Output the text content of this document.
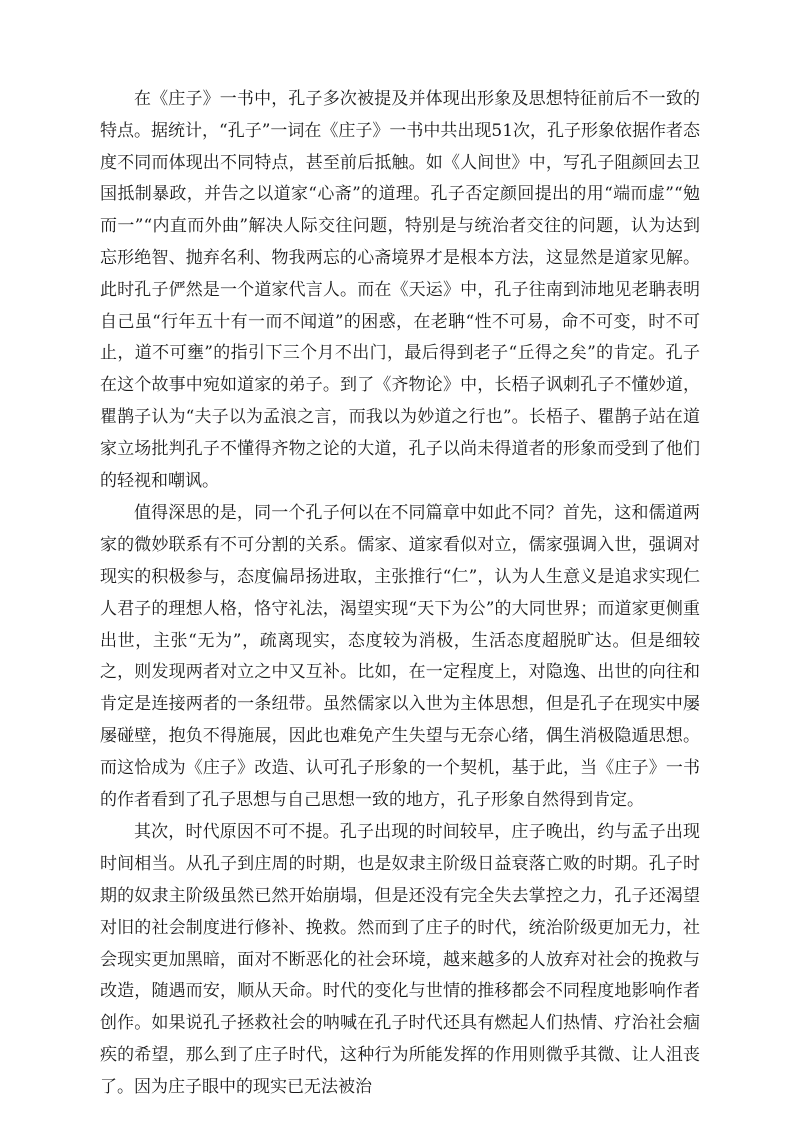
在《庄子》一书中，孔子多次被提及并体现出形象及思想特征前后不一致的特点。据统计，“孔子”一词在《庄子》一书中共出现51次，孔子形象依据作者态度不同而体现出不同特点，甚至前后抵触。如《人间世》中，写孔子阻颜回去卫国抵制暴政，并告之以道家“心斋”的道理。孔子否定颜回提出的用“端而虚”“勉而一”“内直而外曲”解决人际交往问题，特别是与统治者交往的问题，认为达到忘形绝智、抛弃名利、物我两忘的心斋境界才是根本方法，这显然是道家见解。此时孔子俨然是一个道家代言人。而在《天运》中，孔子往南到沛地见老聃表明自己虽“行年五十有一而不闻道”的困惑，在老聃“性不可易，命不可变，时不可止，道不可壅”的指引下三个月不出门，最后得到老子“丘得之矣”的肯定。孔子在这个故事中宛如道家的弟子。到了《齐物论》中，长梧子讽刺孔子不懂妙道，瞿鹊子认为“夫子以为孟浪之言，而我以为妙道之行也”。长梧子、瞿鹊子站在道家立场批判孔子不懂得齐物之论的大道，孔子以尚未得道者的形象而受到了他们的轻视和嘲讽。

值得深思的是，同一个孔子何以在不同篇章中如此不同？首先，这和儒道两家的微妙联系有不可分割的关系。儒家、道家看似对立，儒家强调入世，强调对现实的积极参与，态度偏昂扬进取，主张推行“仁”，认为人生意义是追求实现仁人君子的理想人格，恪守礼法，渴望实现“天下为公”的大同世界；而道家更侧重出世，主张“无为”，疏离现实，态度较为消极，生活态度超脱旷达。但是细较之，则发现两者对立之中又互补。比如，在一定程度上，对隐逸、出世的向往和肯定是连接两者的一条纽带。虽然儒家以入世为主体思想，但是孔子在现实中屡屡碰壁，抱负不得施展，因此也难免产生失望与无奈心绪，偶生消极隐遁思想。而这恰成为《庄子》改造、认可孔子形象的一个契机，基于此，当《庄子》一书的作者看到了孔子思想与自己思想一致的地方，孔子形象自然得到肯定。

其次，时代原因不可不提。孔子出现的时间较早，庄子晚出，约与孟子出现时间相当。从孔子到庄周的时期，也是奴隶主阶级日益衰落亡败的时期。孔子时期的奴隶主阶级虽然已然开始崩塌，但是还没有完全失去掌控之力，孔子还渴望对旧的社会制度进行修补、挽救。然而到了庄子的时代，统治阶级更加无力，社会现实更加黑暗，面对不断恶化的社会环境，越来越多的人放弃对社会的挽救与改造，随遇而安，顺从天命。时代的变化与世情的推移都会不同程度地影响作者创作。如果说孔子拯救社会的呐喊在孔子时代还具有燃起人们热情、疗治社会痼疾的希望，那么到了庄子时代，这种行为所能发挥的作用则微乎其微、让人沮丧了。因为庄子眼中的现实已无法被治
